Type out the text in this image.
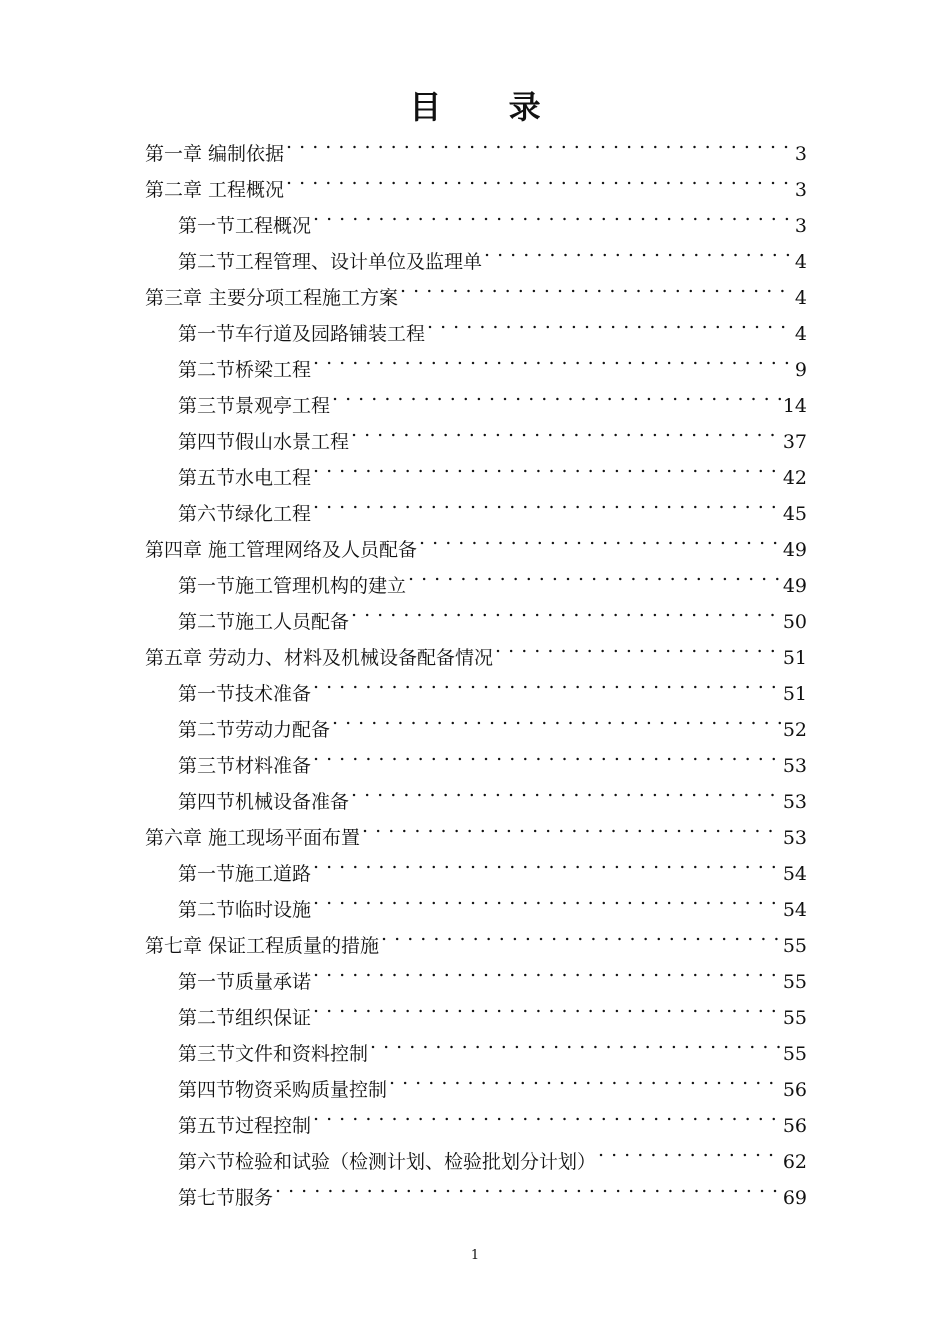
目 录
第一章 编制依据 . . .	3
第二章 工程概况 . . .	3
第一节工程概况 . . .	3
第二节工程管理、设计单位及监理单 . . .	4
第三章 主要分项工程施工方案 . . .	4
第一节车行道及园路铺装工程 . . .	4
第二节桥梁工程 . . .	9
第三节景观亭工程 . . .	14
第四节假山水景工程 . . .	37
第五节水电工程 . . .	42
第六节绿化工程 . . .	45
第四章 施工管理网络及人员配备 . . .	49
第一节施工管理机构的建立 . . .	49
第二节施工人员配备 . . .	50
第五章 劳动力、材料及机械设备配备情况 . . .	51
第一节技术准备 . . .	51
第二节劳动力配备 . . .	52
第三节材料准备 . . .	53
第四节机械设备准备 . . .	53
第六章 施工现场平面布置 . . .	53
第一节施工道路 . . .	54
第二节临时设施 . . .	54
第七章 保证工程质量的措施 . . .	55
第一节质量承诺 . . .	55
第二节组织保证 . . .	55
第三节文件和资料控制 . . .	55
第四节物资采购质量控制 . . .	56
第五节过程控制 . . .	56
第六节检验和试验（检测计划、检验批划分计划） . . .	62
第七节服务 . . .	69
1
